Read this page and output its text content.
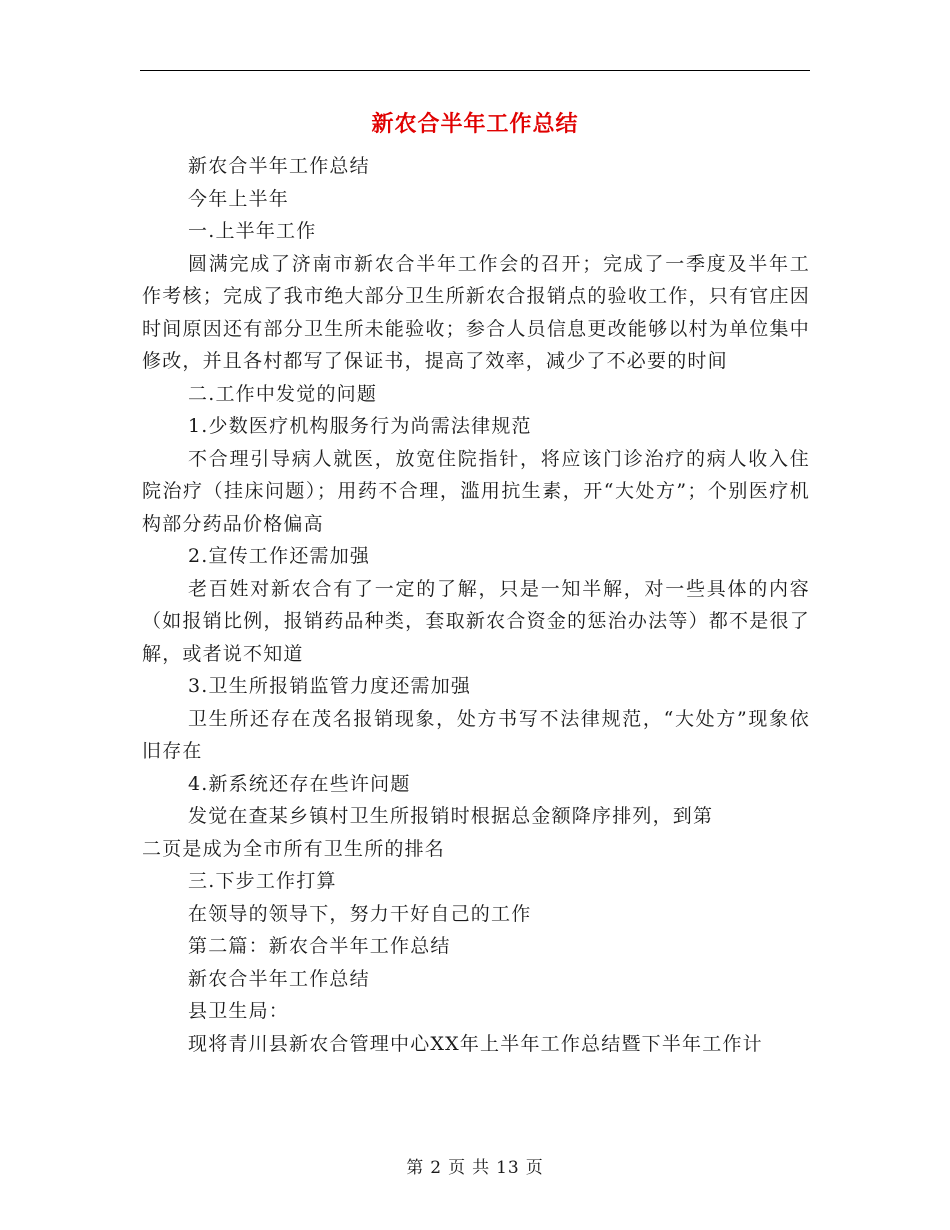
新农合半年工作总结

新农合半年工作总结

今年上半年

一.上半年工作

圆满完成了济南市新农合半年工作会的召开；完成了一季度及半年工作考核；完成了我市绝大部分卫生所新农合报销点的验收工作，只有官庄因时间原因还有部分卫生所未能验收；参合人员信息更改能够以村为单位集中修改，并且各村都写了保证书，提高了效率，减少了不必要的时间

二.工作中发觉的问题

1.少数医疗机构服务行为尚需法律规范

不合理引导病人就医，放宽住院指针，将应该门诊治疗的病人收入住院治疗（挂床问题）；用药不合理，滥用抗生素，开“大处方”；个别医疗机构部分药品价格偏高

2.宣传工作还需加强

老百姓对新农合有了一定的了解，只是一知半解，对一些具体的内容（如报销比例，报销药品种类，套取新农合资金的惩治办法等）都不是很了解，或者说不知道

3.卫生所报销监管力度还需加强

卫生所还存在茂名报销现象，处方书写不法律规范，“大处方”现象依旧存在

4.新系统还存在些许问题

发觉在查某乡镇村卫生所报销时根据总金额降序排列，到第

二页是成为全市所有卫生所的排名

三.下步工作打算

在领导的领导下，努力干好自己的工作

第二篇：新农合半年工作总结

新农合半年工作总结

县卫生局：

现将青川县新农合管理中心XX年上半年工作总结暨下半年工作计

第 2 页 共 13 页
